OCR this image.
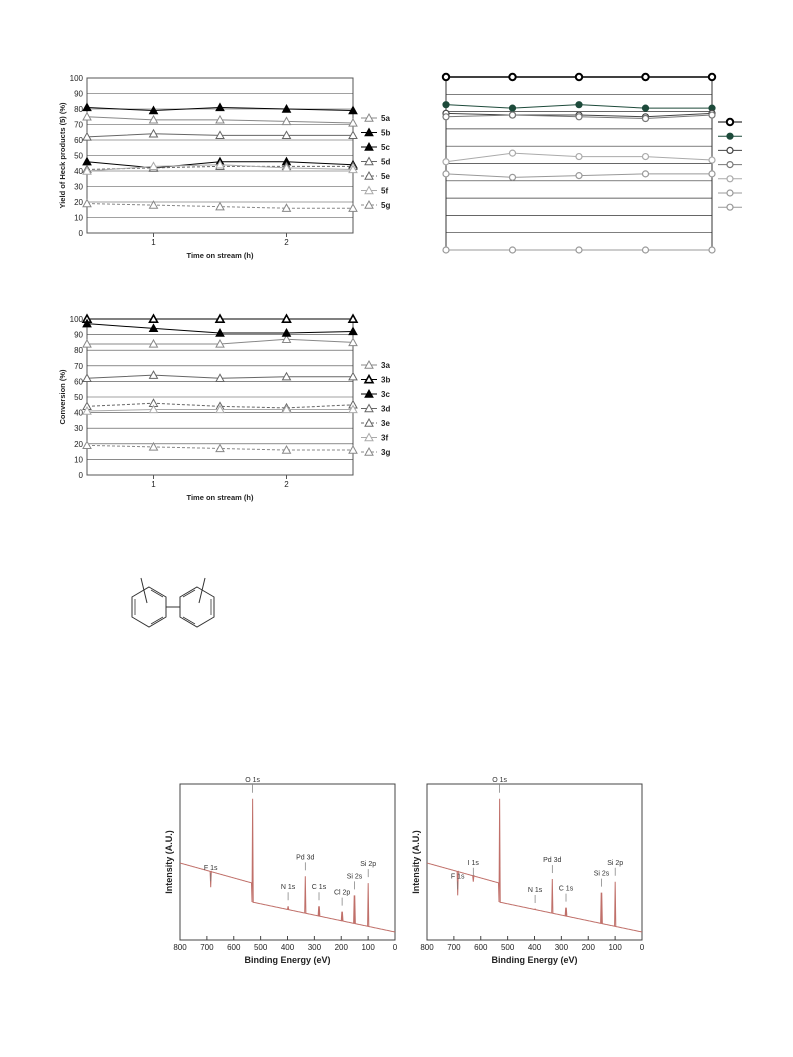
0
10
20
30
40
50
60
70
80
90
100
1	2
Time on stream (h)
Yield of Heck products (5) (%)	5a
5b
5c
5d
5e
5f
5g
0
10
20
30
40
50
60
70
80
90
100
1	2
Time on stream (h)
Conversion (%)
3a
3b
3c
3d
3e
3f
3g
800 700 600 500 400 300 200 100 0
Binding Energy (eV)
Intensity (A.U.)
O 1s
F 1s
N 1s
Pd 3d
C 1s
Cl 2p
Si 2s
Si 2p
800 700 600 500 400 300 200 100 0
Binding Energy (eV)
Intensity (A.U.)
O 1s
F 1s
I 1s
N 1s
Pd 3d
C 1s
Si 2s
Si 2p
